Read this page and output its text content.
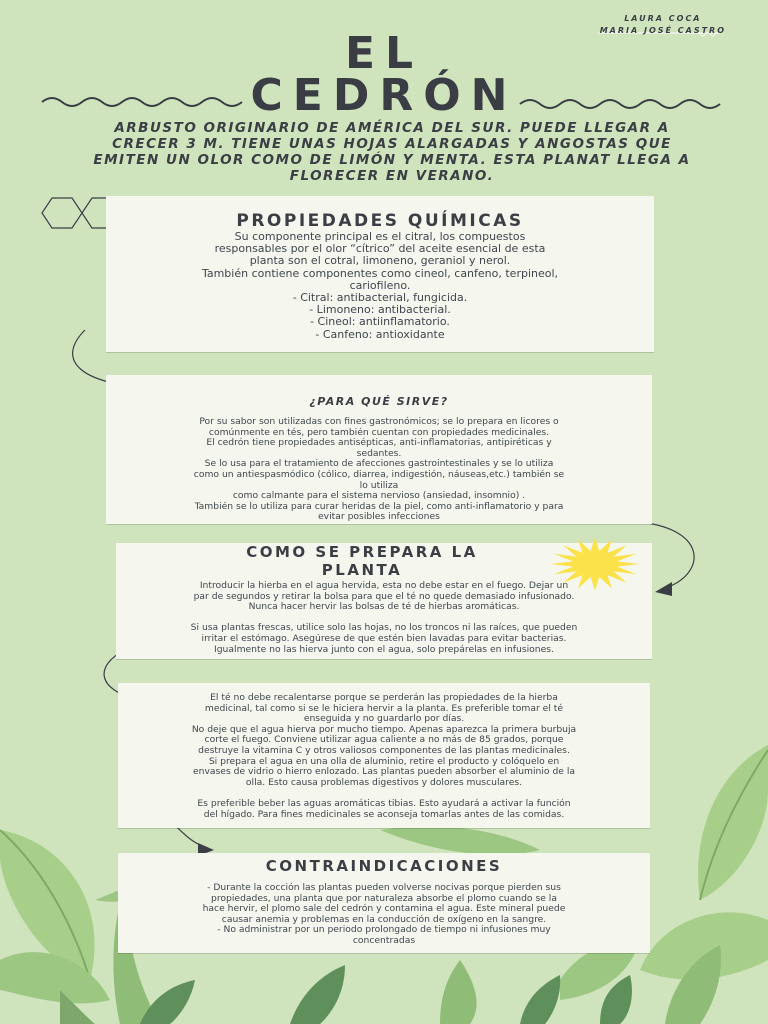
LAURA COCA
MARIA JOSÉ CASTRO
EL
CEDRÓN
ARBUSTO ORIGINARIO DE AMÉRICA DEL SUR. PUEDE LLEGAR A CRECER 3 M. TIENE UNAS HOJAS ALARGADAS Y ANGOSTAS QUE EMITEN UN OLOR COMO DE LIMÓN Y MENTA. ESTA PLANAT LLEGA A FLORECER EN VERANO.
PROPIEDADES QUÍMICAS

Su componente principal es el citral, los compuestos

responsables por el olor “cítrico” del aceite esencial de esta

planta son el cotral, limoneno, geraniol y nerol.

También contiene componentes como cineol, canfeno, terpineol,

cariofileno.

- Citral: antibacterial, fungicida.

- Limoneno: antibacterial.

- Cineol: antiinflamatorio.

- Canfeno: antioxidante

¿PARA QUÉ SIRVE?

Por su sabor son utilizadas con fines gastronómicos; se lo prepara en licores o

comúnmente en tés, pero también cuentan con propiedades medicinales.

El cedrón tiene propiedades antisépticas, anti-inflamatorias, antipiréticas y

sedantes.

Se lo usa para el tratamiento de afecciones gastrointestinales y se lo utiliza

como un antiespasmódico (cólico, diarrea, indigestión, náuseas,etc.) también se

lo utiliza

como calmante para el sistema nervioso (ansiedad, insomnio) .

También se lo utiliza para curar heridas de la piel, como anti-inflamatorio y para

evitar posibles infecciones

COMO SE PREPARA LA
PLANTA

Introducir la hierba en el agua hervida, esta no debe estar en el fuego. Dejar un

par de segundos y retirar la bolsa para que el té no quede demasiado infusionado.

Nunca hacer hervir las bolsas de té de hierbas aromáticas.

Si usa plantas frescas, utilice solo las hojas, no los troncos ni las raíces, que pueden

irritar el estómago. Asegúrese de que estén bien lavadas para evitar bacterias.

Igualmente no las hierva junto con el agua, solo prepárelas en infusiones.

El té no debe recalentarse porque se perderán las propiedades de la hierba

medicinal, tal como si se le hiciera hervir a la planta. Es preferible tomar el té

enseguida y no guardarlo por días.

No deje que el agua hierva por mucho tiempo. Apenas aparezca la primera burbuja

corte el fuego. Conviene utilizar agua caliente a no más de 85 grados, porque

destruye la vitamina C y otros valiosos componentes de las plantas medicinales.

Si prepara el agua en una olla de aluminio, retire el producto y colóquelo en

envases de vidrio o hierro enlozado. Las plantas pueden absorber el aluminio de la

olla. Esto causa problemas digestivos y dolores musculares.

Es preferible beber las aguas aromáticas tibias. Esto ayudará a activar la función

del hígado. Para fines medicinales se aconseja tomarlas antes de las comidas.

CONTRAINDICACIONES

- Durante la cocción las plantas pueden volverse nocivas porque pierden sus

propiedades, una planta que por naturaleza absorbe el plomo cuando se la

hace hervir, el plomo sale del cedrón y contamina el agua. Este mineral puede

causar anemia y problemas en la conducción de oxígeno en la sangre.

- No administrar por un periodo prolongado de tiempo ni infusiones muy

concentradas
